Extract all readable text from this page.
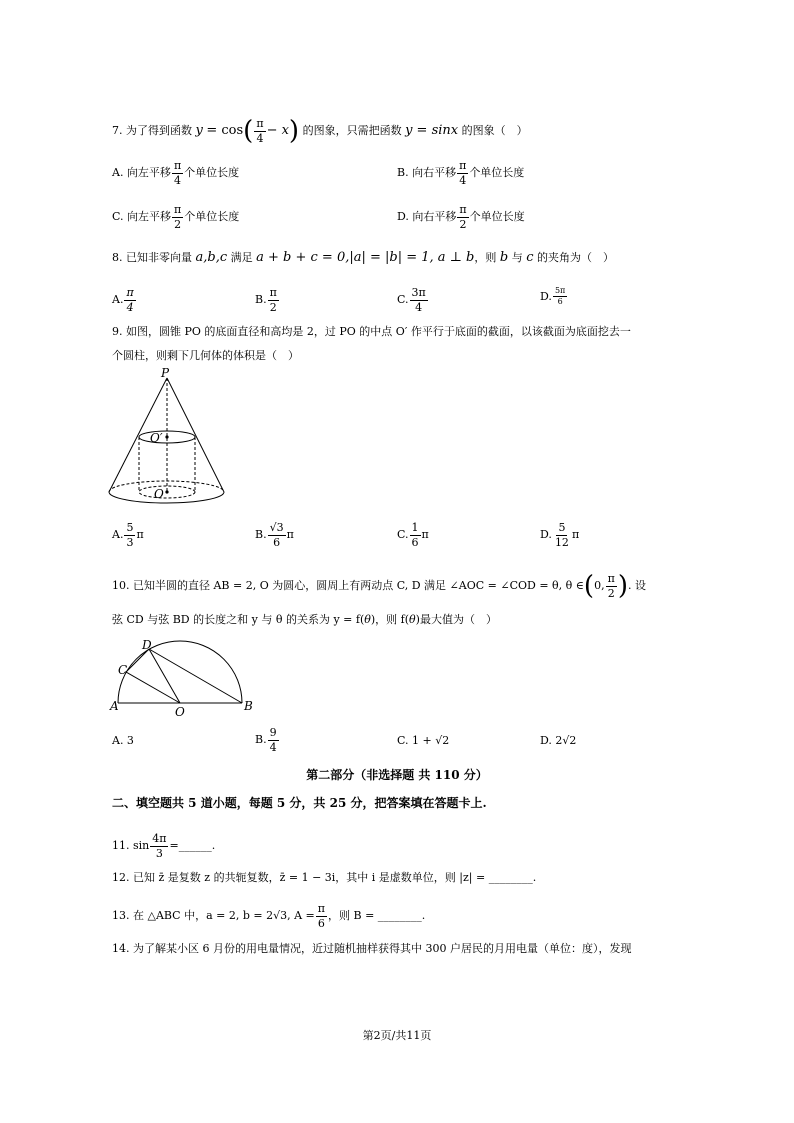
7. 为了得到函数 $y = \cos( \frac{\pi}{4} - x)$ 的图象，只需把函数 y = sinx 的图象（　）
A. 向左平移 $\frac{\pi}{4}$ 个单位长度	B. 向右平移 $\frac{\pi}{4}$ 个单位长度
C. 向左平移 $\frac{\pi}{2}$ 个单位长度	D. 向右平移 $\frac{\pi}{2}$ 个单位长度
8. 已知非零向量 a,b,c 满足 a + b + c = 0,|a| = |b| = 1, a ⊥ b，则 b 与 c 的夹角为（　）
A. $\frac{\pi}{4}$	B. $\frac{\pi}{2}$	C. $\frac{3\pi}{4}$	D. $\frac{5\pi}{6}$
9. 如图，圆锥 PO 的底面直径和高均是 2，过 PO 的中点 O′ 作平行于底面的截面，以该截面为底面挖去一
个圆柱，则剩下几何体的体积是（　）
P
O′
O
A. $\frac{5}{3}$ π	B. $\frac{√3}{6}$ π	C. $\frac{1}{6}$ π	D. $\frac{5}{12}$ π
10. 已知半圆的直径 AB = 2, O 为圆心，圆周上有两动点 C, D 满足 ∠AOC = ∠COD = θ, θ ∈(0, $\frac{\pi}{2}$ ). 设
弦 CD 与弦 BD 的长度之和 y 与 θ 的关系为 y = f(θ)，则 f(θ)最大值为（　）
D
C
A	O	B
A. 3	B. $\frac{9}{4}$	C. 1 + √2	D. 2√2
第二部分（非选择题 共 110 分）
二、填空题共 5 道小题，每题 5 分，共 25 分，把答案填在答题卡上.
11. $\sin \frac{4\pi}{3}$ =______.
12. 已知 z̄ 是复数 z 的共轭复数，z̄ = 1 − 3i，其中 i 是虚数单位，则 |z| = ________.
13. 在 △ABC 中，a = 2, b = 2√3, $A = \frac{\pi}{6}$ ，则 B = ________.
14. 为了解某小区 6 月份的用电量情况，近过随机抽样获得其中 300 户居民的月用电量（单位：度），发现
第2页/共11页
